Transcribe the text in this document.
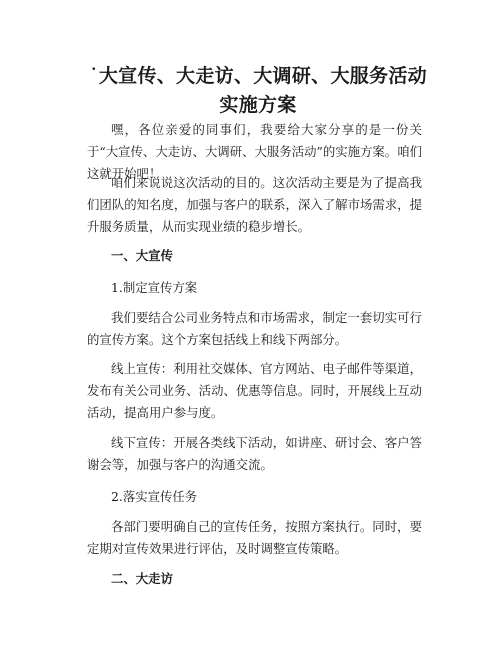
˙大宣传、大走访、大调研、大服务活动实施方案

嘿，各位亲爱的同事们，我要给大家分享的是一份关于“大宣传、大走访、大调研、大服务活动”的实施方案。咱们这就开始吧！

咱们来说说这次活动的目的。这次活动主要是为了提高我们团队的知名度，加强与客户的联系，深入了解市场需求，提升服务质量，从而实现业绩的稳步增长。

一、大宣传

1.制定宣传方案

我们要结合公司业务特点和市场需求，制定一套切实可行的宣传方案。这个方案包括线上和线下两部分。

线上宣传：利用社交媒体、官方网站、电子邮件等渠道，发布有关公司业务、活动、优惠等信息。同时，开展线上互动活动，提高用户参与度。

线下宣传：开展各类线下活动，如讲座、研讨会、客户答谢会等，加强与客户的沟通交流。

2.落实宣传任务

各部门要明确自己的宣传任务，按照方案执行。同时，要定期对宣传效果进行评估，及时调整宣传策略。

二、大走访
